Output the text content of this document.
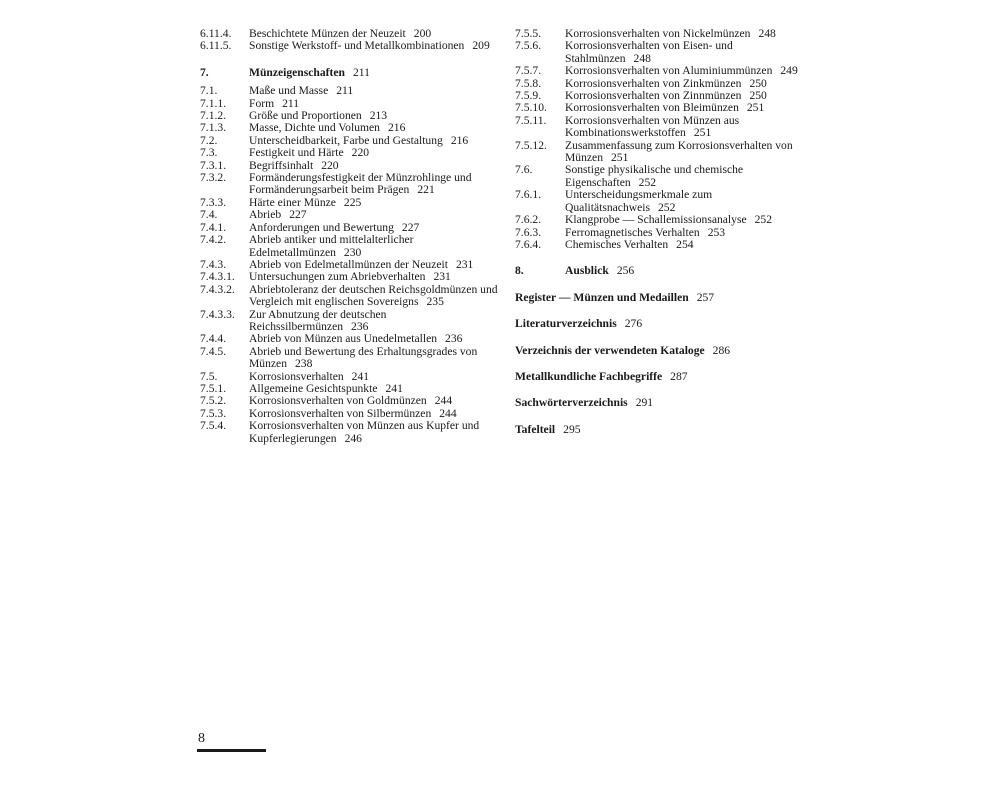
6.11.4.	Beschichtete Münzen der Neuzeit 200
6.11.5.	Sonstige Werkstoff- und Metallkombinationen 209
7.	Münzeigenschaften 211
7.1.	Maße und Masse 211
7.1.1.	Form 211
7.1.2.	Größe und Proportionen 213
7.1.3.	Masse, Dichte und Volumen 216
7.2.	Unterscheidbarkeit, Farbe und Gestaltung 216
7.3.	Festigkeit und Härte 220
7.3.1.	Begriffsinhalt 220
7.3.2.	Formänderungsfestigkeit der Münzrohlinge und Formänderungsarbeit beim Prägen 221
7.3.3.	Härte einer Münze 225
7.4.	Abrieb 227
7.4.1.	Anforderungen und Bewertung 227
7.4.2.	Abrieb antiker und mittelalterlicher Edelmetallmünzen 230
7.4.3.	Abrieb von Edelmetallmünzen der Neuzeit 231
7.4.3.1.	Untersuchungen zum Abriebverhalten 231
7.4.3.2.	Abriebtoleranz der deutschen Reichsgoldmünzen und Vergleich mit englischen Sovereigns 235
7.4.3.3.	Zur Abnutzung der deutschen Reichssilbermünzen 236
7.4.4.	Abrieb von Münzen aus Unedelmetallen 236
7.4.5.	Abrieb und Bewertung des Erhaltungsgrades von Münzen 238
7.5.	Korrosionsverhalten 241
7.5.1.	Allgemeine Gesichtspunkte 241
7.5.2.	Korrosionsverhalten von Goldmünzen 244
7.5.3.	Korrosionsverhalten von Silbermünzen 244
7.5.4.	Korrosionsverhalten von Münzen aus Kupfer und Kupferlegierungen 246
7.5.5.	Korrosionsverhalten von Nickelmünzen 248
7.5.6.	Korrosionsverhalten von Eisen- und Stahlmünzen 248
7.5.7.	Korrosionsverhalten von Aluminiummünzen 249
7.5.8.	Korrosionsverhalten von Zinkmünzen 250
7.5.9.	Korrosionsverhalten von Zinnmünzen 250
7.5.10.	Korrosionsverhalten von Bleimünzen 251
7.5.11.	Korrosionsverhalten von Münzen aus Kombinationswerkstoffen 251
7.5.12.	Zusammenfassung zum Korrosionsverhalten von Münzen 251
7.6.	Sonstige physikalische und chemische Eigenschaften 252
7.6.1.	Unterscheidungsmerkmale zum Qualitätsnachweis 252
7.6.2.	Klangprobe — Schallemissionsanalyse 252
7.6.3.	Ferromagnetisches Verhalten 253
7.6.4.	Chemisches Verhalten 254
8.	Ausblick 256
Register — Münzen und Medaillen 257
Literaturverzeichnis 276
Verzeichnis der verwendeten Kataloge 286
Metallkundliche Fachbegriffe 287
Sachwörterverzeichnis 291
Tafelteil 295
8
